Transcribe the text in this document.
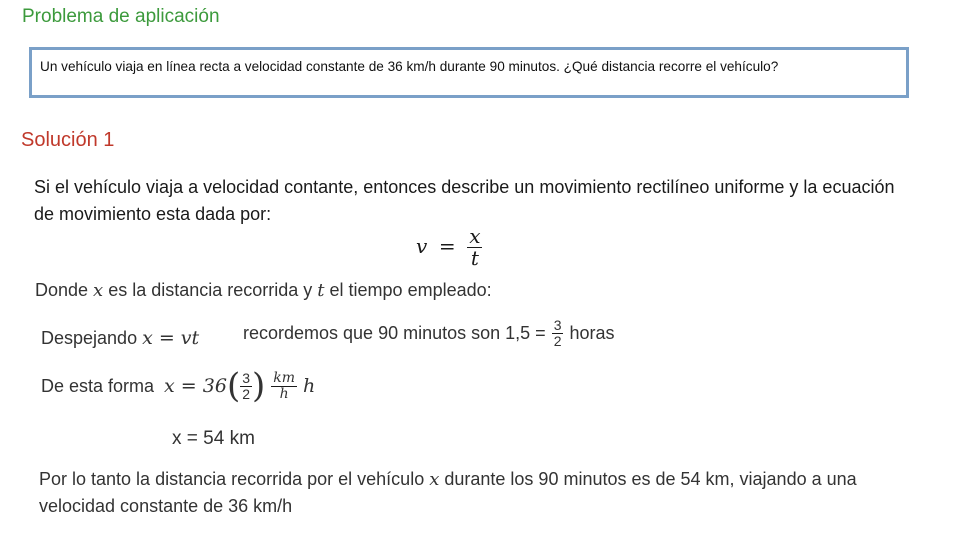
Problema de aplicación
Un vehículo viaja en línea recta a velocidad constante de 36 km/h durante 90 minutos. ¿Qué distancia recorre el vehículo?
Solución 1
Si el vehículo viaja a velocidad contante, entonces describe un movimiento rectilíneo uniforme y la ecuación de movimiento esta dada por:
$v = \frac{x}{t}$
Donde x es la distancia recorrida y t el tiempo empleado:
Despejando x = vt recordemos que 90 minutos son $1,5 = \frac{3}{2}$ horas
De esta forma x = 36 ( $\frac{3}{2}$ ) $\frac{km}{h}$ h
x = 54 km
Por lo tanto la distancia recorrida por el vehículo x durante los 90 minutos es de 54 km, viajando a una velocidad constante de 36 km/h
